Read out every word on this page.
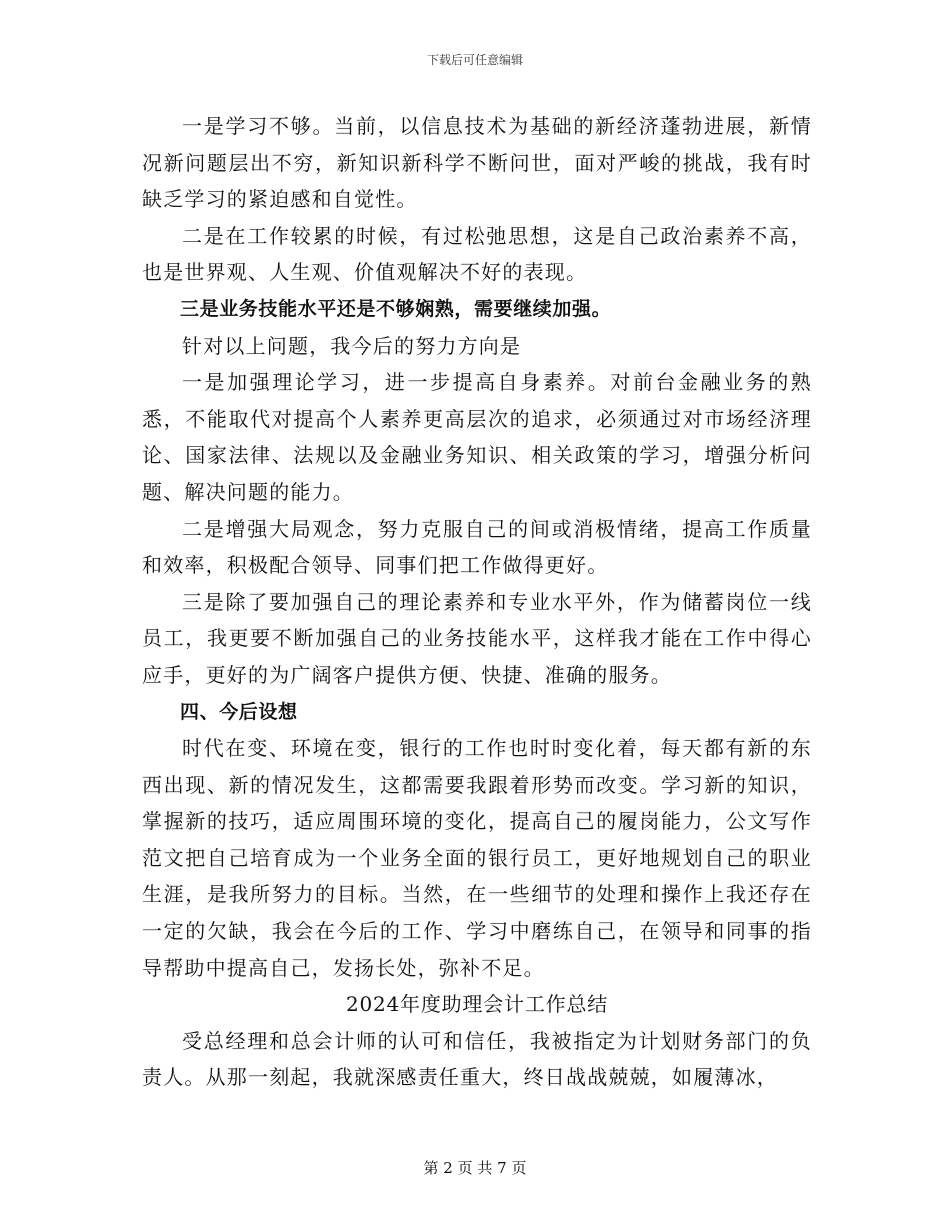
下载后可任意编辑

一是学习不够。当前，以信息技术为基础的新经济蓬勃进展，新情况新问题层出不穷，新知识新科学不断问世，面对严峻的挑战，我有时缺乏学习的紧迫感和自觉性。

二是在工作较累的时候，有过松弛思想，这是自己政治素养不高，也是世界观、人生观、价值观解决不好的表现。

三是业务技能水平还是不够娴熟，需要继续加强。

针对以上问题，我今后的努力方向是

一是加强理论学习，进一步提高自身素养。对前台金融业务的熟悉，不能取代对提高个人素养更高层次的追求，必须通过对市场经济理论、国家法律、法规以及金融业务知识、相关政策的学习，增强分析问题、解决问题的能力。

二是增强大局观念，努力克服自己的间或消极情绪，提高工作质量和效率，积极配合领导、同事们把工作做得更好。

三是除了要加强自己的理论素养和专业水平外，作为储蓄岗位一线员工，我更要不断加强自己的业务技能水平，这样我才能在工作中得心应手，更好的为广阔客户提供方便、快捷、准确的服务。

四、今后设想

时代在变、环境在变，银行的工作也时时变化着，每天都有新的东西出现、新的情况发生，这都需要我跟着形势而改变。学习新的知识，掌握新的技巧，适应周围环境的变化，提高自己的履岗能力，公文写作范文把自己培育成为一个业务全面的银行员工，更好地规划自己的职业生涯，是我所努力的目标。当然，在一些细节的处理和操作上我还存在一定的欠缺，我会在今后的工作、学习中磨练自己，在领导和同事的指导帮助中提高自己，发扬长处，弥补不足。

2024年度助理会计工作总结

受总经理和总会计师的认可和信任，我被指定为计划财务部门的负责人。从那一刻起，我就深感责任重大，终日战战兢兢，如履薄冰，

第 2 页 共 7 页
